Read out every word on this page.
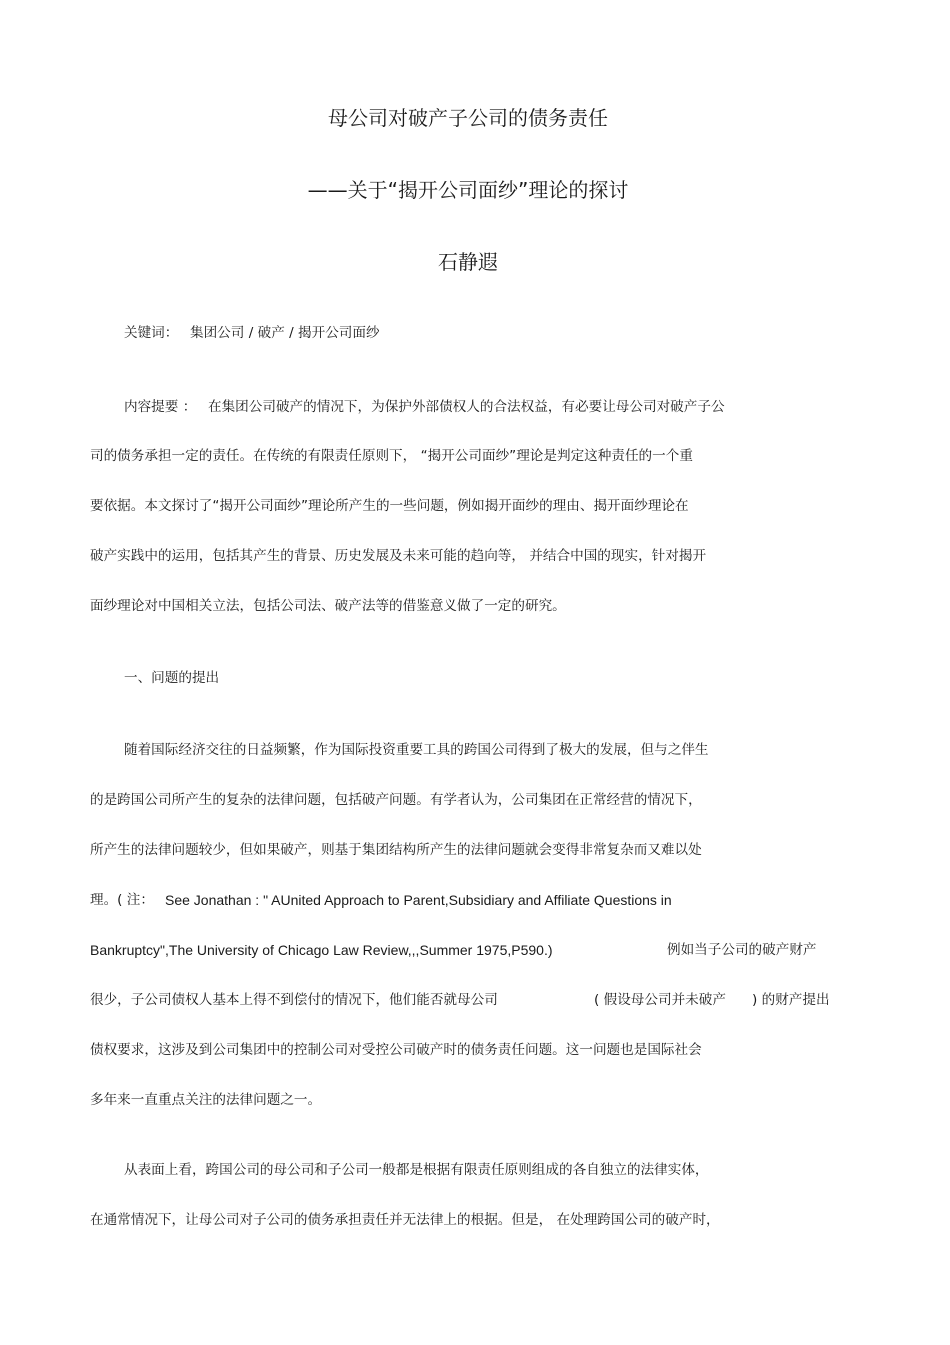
母公司对破产子公司的债务责任
——关于“揭开公司面纱”理论的探讨
石静遐
关键词： 集团公司 / 破产 / 揭开公司面纱
内容提要 ： 在集团公司破产的情况下，为保护外部债权人的合法权益，有必要让母公司对破产子公
司的债务承担一定的责任。在传统的有限责任原则下， “揭开公司面纱”理论是判定这种责任的一个重
要依据。本文探讨了“揭开公司面纱”理论所产生的一些问题，例如揭开面纱的理由、揭开面纱理论在
破产实践中的运用，包括其产生的背景、历史发展及未来可能的趋向等， 并结合中国的现实，针对揭开
面纱理论对中国相关立法，包括公司法、破产法等的借鉴意义做了一定的研究。
一、问题的提出
随着国际经济交往的日益频繁，作为国际投资重要工具的跨国公司得到了极大的发展，但与之伴生
的是跨国公司所产生的复杂的法律问题，包括破产问题。有学者认为，公司集团在正常经营的情况下，
所产生的法律问题较少，但如果破产，则基于集团结构所产生的法律问题就会变得非常复杂而又难以处
理。( 注： See Jonathan : " AUnited Approach to Parent,Subsidiary and Affiliate Questions in
Bankruptcy",The University of Chicago Law Review,,,Summer 1975,P590.)	例如当子公司的破产财产
很少，子公司债权人基本上得不到偿付的情况下，他们能否就母公司	( 假设母公司并未破产 ) 的财产提出
债权要求，这涉及到公司集团中的控制公司对受控公司破产时的债务责任问题。这一问题也是国际社会
多年来一直重点关注的法律问题之一。
从表面上看，跨国公司的母公司和子公司一般都是根据有限责任原则组成的各自独立的法律实体，
在通常情况下，让母公司对子公司的债务承担责任并无法律上的根据。但是， 在处理跨国公司的破产时，
